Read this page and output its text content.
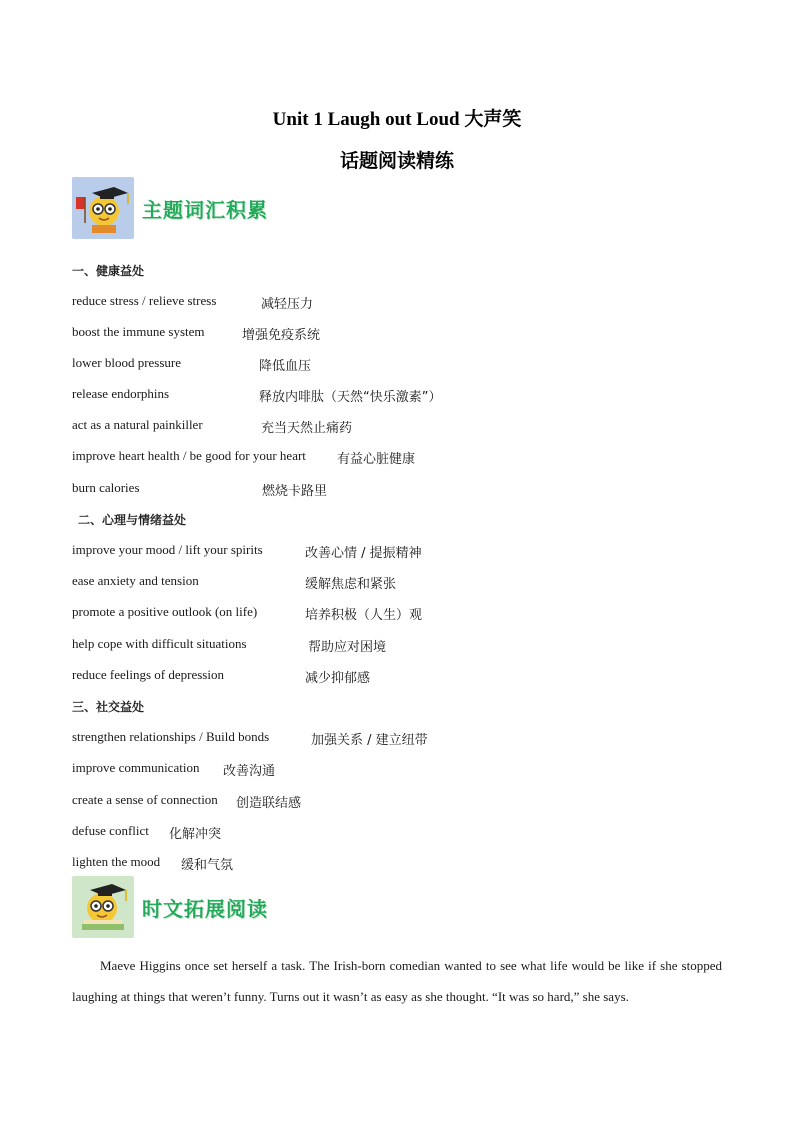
Unit 1 Laugh out Loud 大声笑
话题阅读精练
主题词汇积累
一、健康益处
reduce stress / relieve stress	减轻压力
boost the immune system	增强免疫系统
lower blood pressure	降低血压
release endorphins	释放内啡肽（天然“快乐激素”）
act as a natural painkiller	充当天然止痛药
improve heart health / be good for your heart 有益心脏健康
burn calories	燃烧卡路里
二、心理与情绪益处
improve your mood / lift your spirits	改善心情 / 提振精神
ease anxiety and tension	缓解焦虑和紧张
promote a positive outlook (on life)	培养积极（人生）观
help cope with difficult situations	帮助应对困境
reduce feelings of depression	减少抑郁感
三、社交益处
strengthen relationships / Build bonds	加强关系 / 建立纽带
improve communication 改善沟通
create a sense of connection 创造联结感
defuse conflict 化解冲突
lighten the mood 缓和气氛
时文拓展阅读
Maeve Higgins once set herself a task. The Irish-born comedian wanted to see what life would be like if she stopped laughing at things that weren’t funny. Turns out it wasn’t as easy as she thought. “It was so hard,” she says.
